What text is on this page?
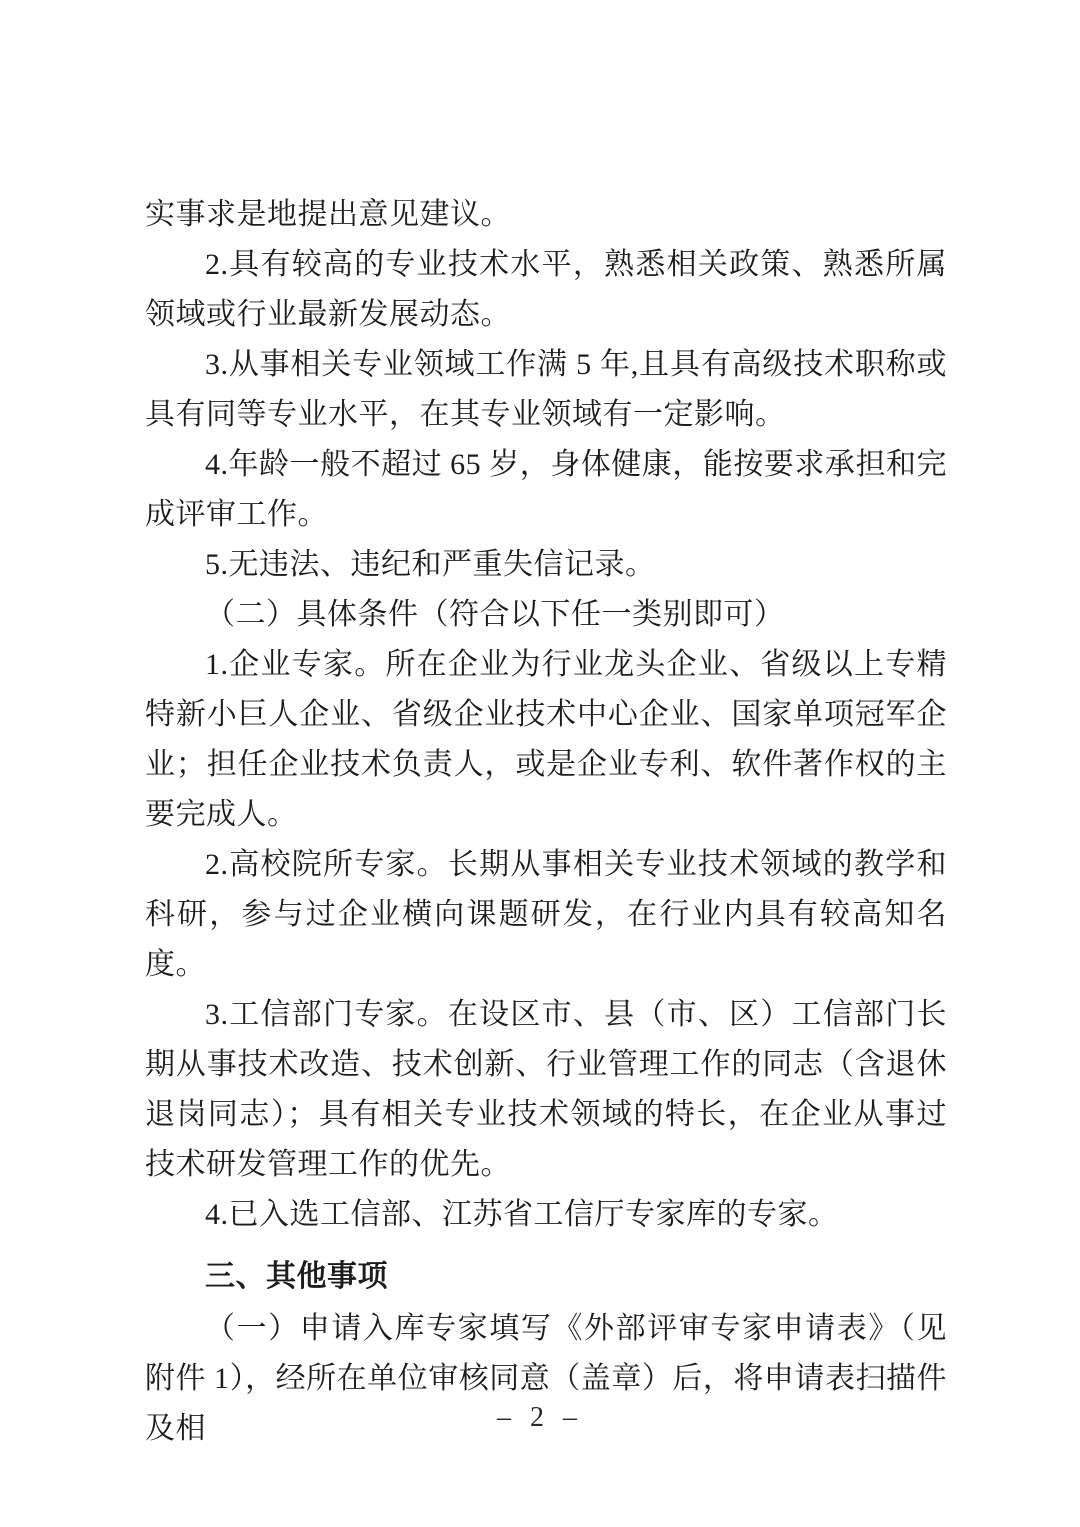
实事求是地提出意见建议。

2.具有较高的专业技术水平，熟悉相关政策、熟悉所属领域或行业最新发展动态。

3.从事相关专业领域工作满 5 年,且具有高级技术职称或具有同等专业水平，在其专业领域有一定影响。

4.年龄一般不超过 65 岁，身体健康，能按要求承担和完成评审工作。

5.无违法、违纪和严重失信记录。

（二）具体条件（符合以下任一类别即可）

1.企业专家。所在企业为行业龙头企业、省级以上专精特新小巨人企业、省级企业技术中心企业、国家单项冠军企业；担任企业技术负责人，或是企业专利、软件著作权的主要完成人。

2.高校院所专家。长期从事相关专业技术领域的教学和科研，参与过企业横向课题研发，在行业内具有较高知名度。

3.工信部门专家。在设区市、县（市、区）工信部门长期从事技术改造、技术创新、行业管理工作的同志（含退休退岗同志）；具有相关专业技术领域的特长，在企业从事过技术研发管理工作的优先。

4.已入选工信部、江苏省工信厅专家库的专家。

三、其他事项

（一）申请入库专家填写《外部评审专家申请表》（见附件 1），经所在单位审核同意（盖章）后，将申请表扫描件及相	– 2 –
